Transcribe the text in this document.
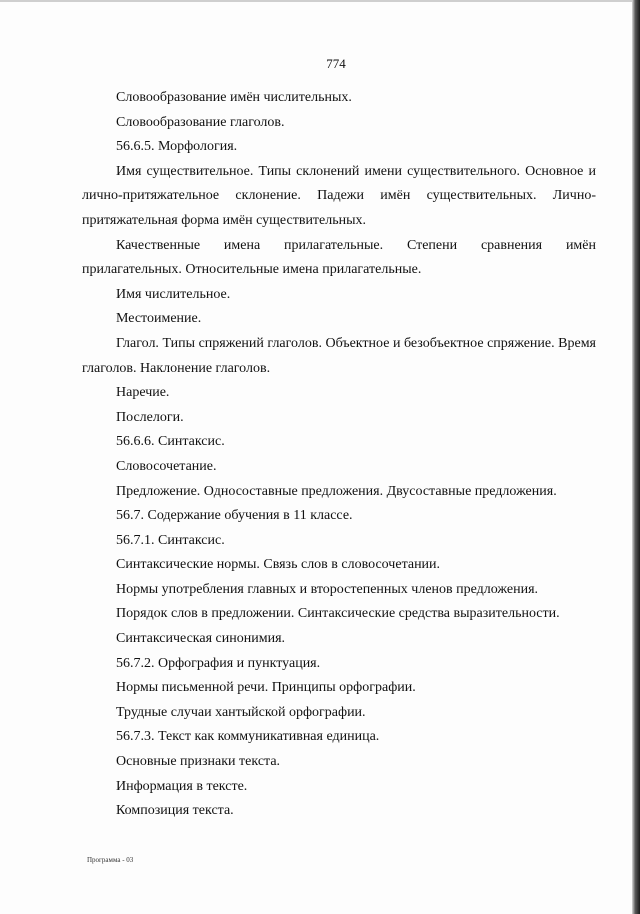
774

Словообразование имён числительных.

Словообразование глаголов.

56.6.5. Морфология.

Имя существительное. Типы склонений имени существительного. Основное и лично-притяжательное склонение. Падежи имён существительных. Лично-притяжательная форма имён существительных.

Качественные имена прилагательные. Степени сравнения имён прилагательных. Относительные имена прилагательные.

Имя числительное.

Местоимение.

Глагол. Типы спряжений глаголов. Объектное и безобъектное спряжение. Время глаголов. Наклонение глаголов.

Наречие.

Послелоги.

56.6.6. Синтаксис.

Словосочетание.

Предложение. Односоставные предложения. Двусоставные предложения.

56.7. Содержание обучения в 11 классе.

56.7.1. Синтаксис.

Синтаксические нормы. Связь слов в словосочетании.

Нормы употребления главных и второстепенных членов предложения.

Порядок слов в предложении. Синтаксические средства выразительности.

Синтаксическая синонимия.

56.7.2. Орфография и пунктуация.

Нормы письменной речи. Принципы орфографии.

Трудные случаи хантыйской орфографии.

56.7.3. Текст как коммуникативная единица.

Основные признаки текста.

Информация в тексте.

Композиция текста.

Программа - 03
